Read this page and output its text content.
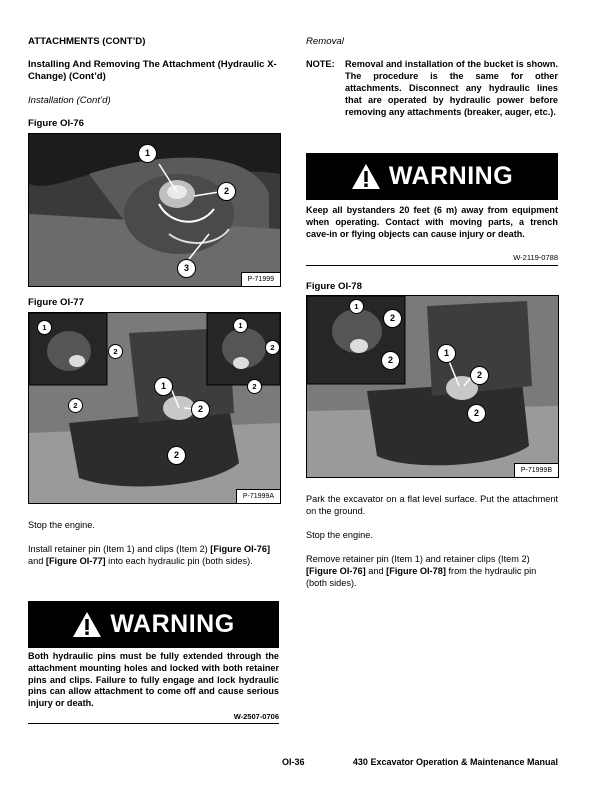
ATTACHMENTS (CONT’D)
Installing And Removing The Attachment (Hydraulic X-Change) (Cont’d)
Installation (Cont’d)
Figure OI-76
1
2
3
P-71999
Figure OI-77
1
2
2
1
2
2
1
2
2
P-71999A
Stop the engine.
Install retainer pin (Item 1) and clips (Item 2) [Figure OI-76] and [Figure OI-77] into each hydraulic pin (both sides).
WARNING
Both hydraulic pins must be fully extended through the attachment mounting holes and locked with both retainer pins and clips. Failure to fully engage and lock hydraulic pins can allow attachment to come off and cause serious injury or death.
W-2507-0706
Removal
NOTE: Removal and installation of the bucket is shown. The procedure is the same for other attachments. Disconnect any hydraulic lines that are operated by hydraulic power before removing any attachments (breaker, auger, etc.).
WARNING
Keep all bystanders 20 feet (6 m) away from equipment when operating. Contact with moving parts, a trench cave-in or flying objects can cause injury or death.
W-2119-0788
Figure OI-78
1
2
2
1
2
2
P-71999B
Park the excavator on a flat level surface. Put the attachment on the ground.
Stop the engine.
Remove retainer pin (Item 1) and retainer clips (Item 2) [Figure OI-76] and [Figure OI-78] from the hydraulic pin (both sides).
OI-36	430 Excavator Operation & Maintenance Manual
